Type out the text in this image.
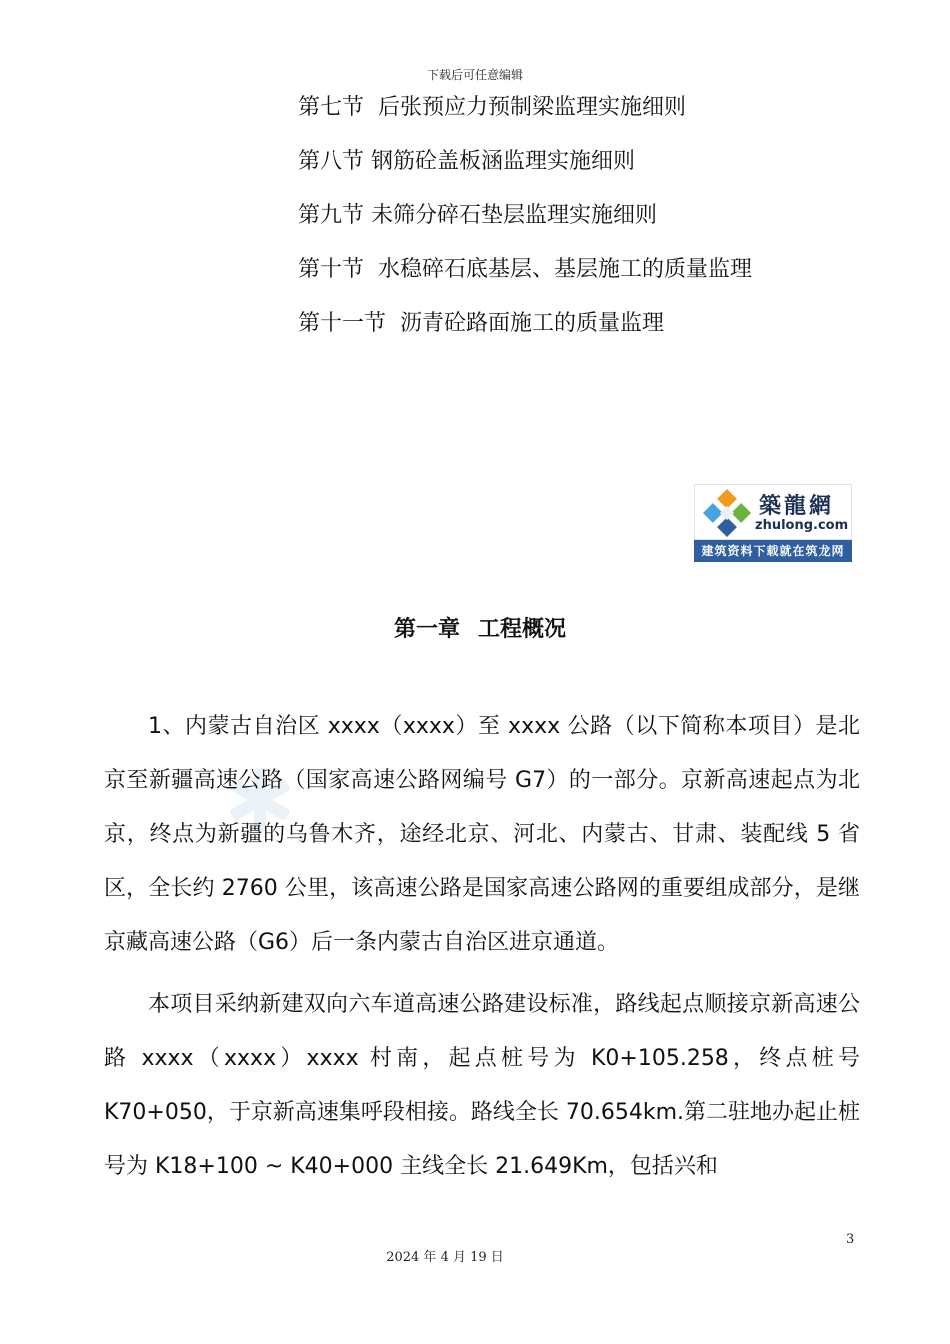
下载后可任意编辑
第七节 后张预应力预制梁监理实施细则
第八节 钢筋砼盖板涵监理实施细则
第九节 未筛分碎石垫层监理实施细则
第十节 水稳碎石底基层、基层施工的质量监理
第十一节 沥青砼路面施工的质量监理
築龍網
zhulong.com
建筑资料下载就在筑龙网
第一章 工程概况

1、内蒙古自治区 xxxx（xxxx）至 xxxx 公路（以下简称本项目）是北京至新疆高速公路（国家高速公路网编号 G7）的一部分。京新高速起点为北京，终点为新疆的乌鲁木齐，途经北京、河北、内蒙古、甘肃、装配线 5 省区，全长约 2760 公里，该高速公路是国家高速公路网的重要组成部分，是继京藏高速公路（G6）后一条内蒙古自治区进京通道。

本项目采纳新建双向六车道高速公路建设标准，路线起点顺接京新高速公路 xxxx（xxxx）xxxx 村南，起点桩号为 K0+105.258，终点桩号 K70+050，于京新高速集呼段相接。路线全长 70.654km.第二驻地办起止桩号为 K18+100 ~ K40+000 主线全长 21.649Km，包括兴和

3
2024 年 4 月 19 日
